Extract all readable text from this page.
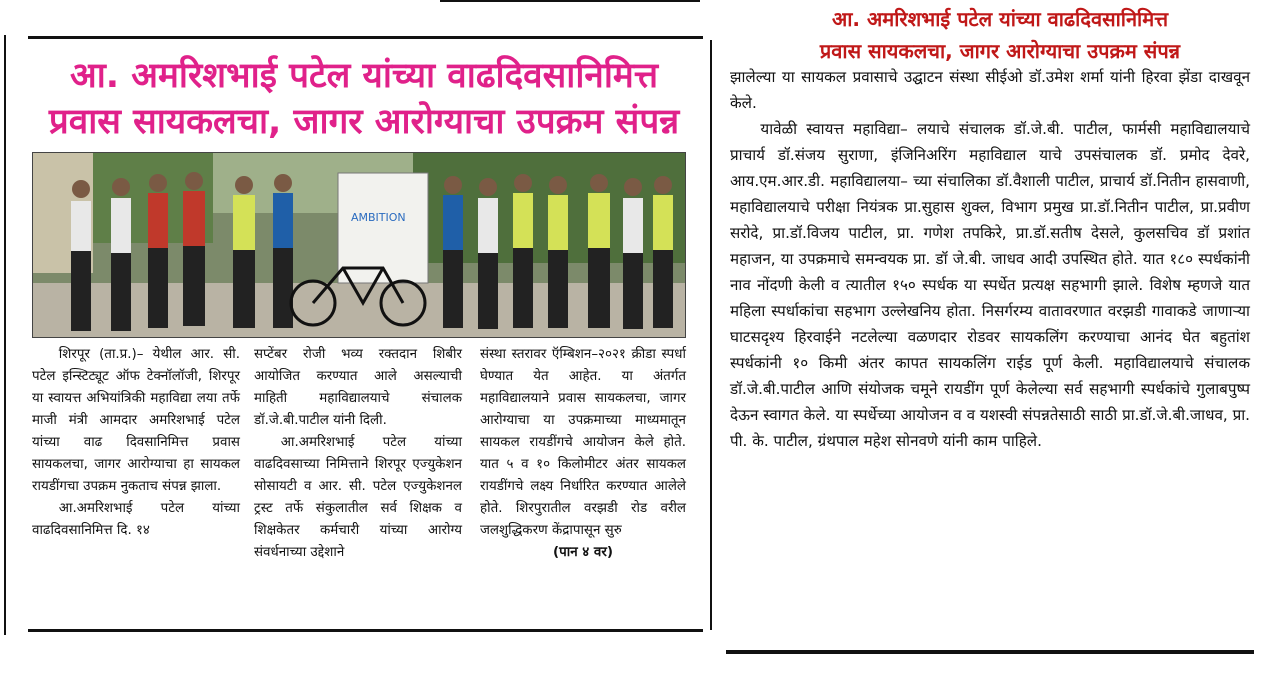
आ. अमरिशभाई पटेल यांच्या वाढदिवसानिमित्त
प्रवास सायकलचा, जागर आरोग्याचा उपक्रम संपन्न
AMBITION

शिरपूर (ता.प्र.)– येथील आर. सी. पटेल इन्स्टिट्यूट ऑफ टेक्नॉलॉजी, शिरपूर या स्वायत्त अभियांत्रिकी महाविद्या लया तर्फे माजी मंत्री आमदार अमरिशभाई पटेल यांच्या वाढ दिवसानिमित्त प्रवास सायकलचा, जागर आरोग्याचा हा सायकल रायडींगचा उपक्रम नुकताच संपन्न झाला.

आ.अमरिशभाई पटेल यांच्या वाढदिवसानिमित्त दि. १४

सप्टेंबर रोजी भव्य रक्तदान शिबीर आयोजित करण्यात आले असल्याची माहिती महाविद्यालयाचे संचालक डॉ.जे.बी.पाटील यांनी दिली.

आ.अमरिशभाई पटेल यांच्या वाढदिवसाच्या निमित्ताने शिरपूर एज्युकेशन सोसायटी व आर. सी. पटेल एज्युकेशनल ट्रस्ट तर्फे संकुलातील सर्व शिक्षक व शिक्षकेतर कर्मचारी यांच्या आरोग्य संवर्धनाच्या उद्देशाने

संस्था स्तरावर ऍम्बिशन–२०२१ क्रीडा स्पर्धा घेण्यात येत आहेत. या अंतर्गत महाविद्यालयाने प्रवास सायकलचा, जागर आरोग्याचा या उपक्रमाच्या माध्यमातून सायकल रायडींगचे आयोजन केले होते. यात ५ व १० किलोमीटर अंतर सायकल रायडींगचे लक्ष्य निर्धारित करण्यात आलेले होते. शिरपुरातील वरझडी रोड वरील जलशुद्धिकरण केंद्रापासून सुरु

(पान ४ वर)

आ. अमरिशभाई पटेल यांच्या वाढदिवसानिमित्त
प्रवास सायकलचा, जागर आरोग्याचा उपक्रम संपन्न

झालेल्या या सायकल प्रवासाचे उद्घाटन संस्था सीईओ डॉ.उमेश शर्मा यांनी हिरवा झेंडा दाखवून केले.

यावेळी स्वायत्त महाविद्या– लयाचे संचालक डॉ.जे.बी. पाटील, फार्मसी महाविद्यालयाचे प्राचार्य डॉ.संजय सुराणा, इंजिनिअरिंग महाविद्याल याचे उपसंचालक डॉ. प्रमोद देवरे, आय.एम.आर.डी. महाविद्यालया– च्या संचालिका डॉ.वैशाली पाटील, प्राचार्य डॉ.नितीन हासवाणी, महाविद्यालयाचे परीक्षा नियंत्रक प्रा.सुहास शुक्ल, विभाग प्रमुख प्रा.डॉ.नितीन पाटील, प्रा.प्रवीण सरोदे, प्रा.डॉ.विजय पाटील, प्रा. गणेश तपकिरे, प्रा.डॉ.सतीष देसले, कुलसचिव डॉ प्रशांत महाजन, या उपक्रमाचे समन्वयक प्रा. डॉ जे.बी. जाधव आदी उपस्थित होते. यात १८० स्पर्धकांनी नाव नोंदणी केली व त्यातील १५० स्पर्धक या स्पर्धेत प्रत्यक्ष सहभागी झाले. विशेष म्हणजे यात महिला स्पर्धाकांचा सहभाग उल्लेखनिय होता. निसर्गरम्य वातावरणात वरझडी गावाकडे जाणाऱ्या घाटसदृश्य हिरवाईने नटलेल्या वळणदार रोडवर सायकलिंग करण्याचा आनंद घेत बहुतांश स्पर्धकांनी १० किमी अंतर कापत सायकलिंग राईड पूर्ण केली. महाविद्यालयाचे संचालक डॉ.जे.बी.पाटील आणि संयोजक चमूने रायडींग पूर्ण केलेल्या सर्व सहभागी स्पर्धकांचे गुलाबपुष्प देऊन स्वागत केले. या स्पर्धेच्या आयोजन व व यशस्वी संपन्नतेसाठी साठी प्रा.डॉ.जे.बी.जाधव, प्रा. पी. के. पाटील, ग्रंथपाल महेश सोनवणे यांनी काम पाहिले.
